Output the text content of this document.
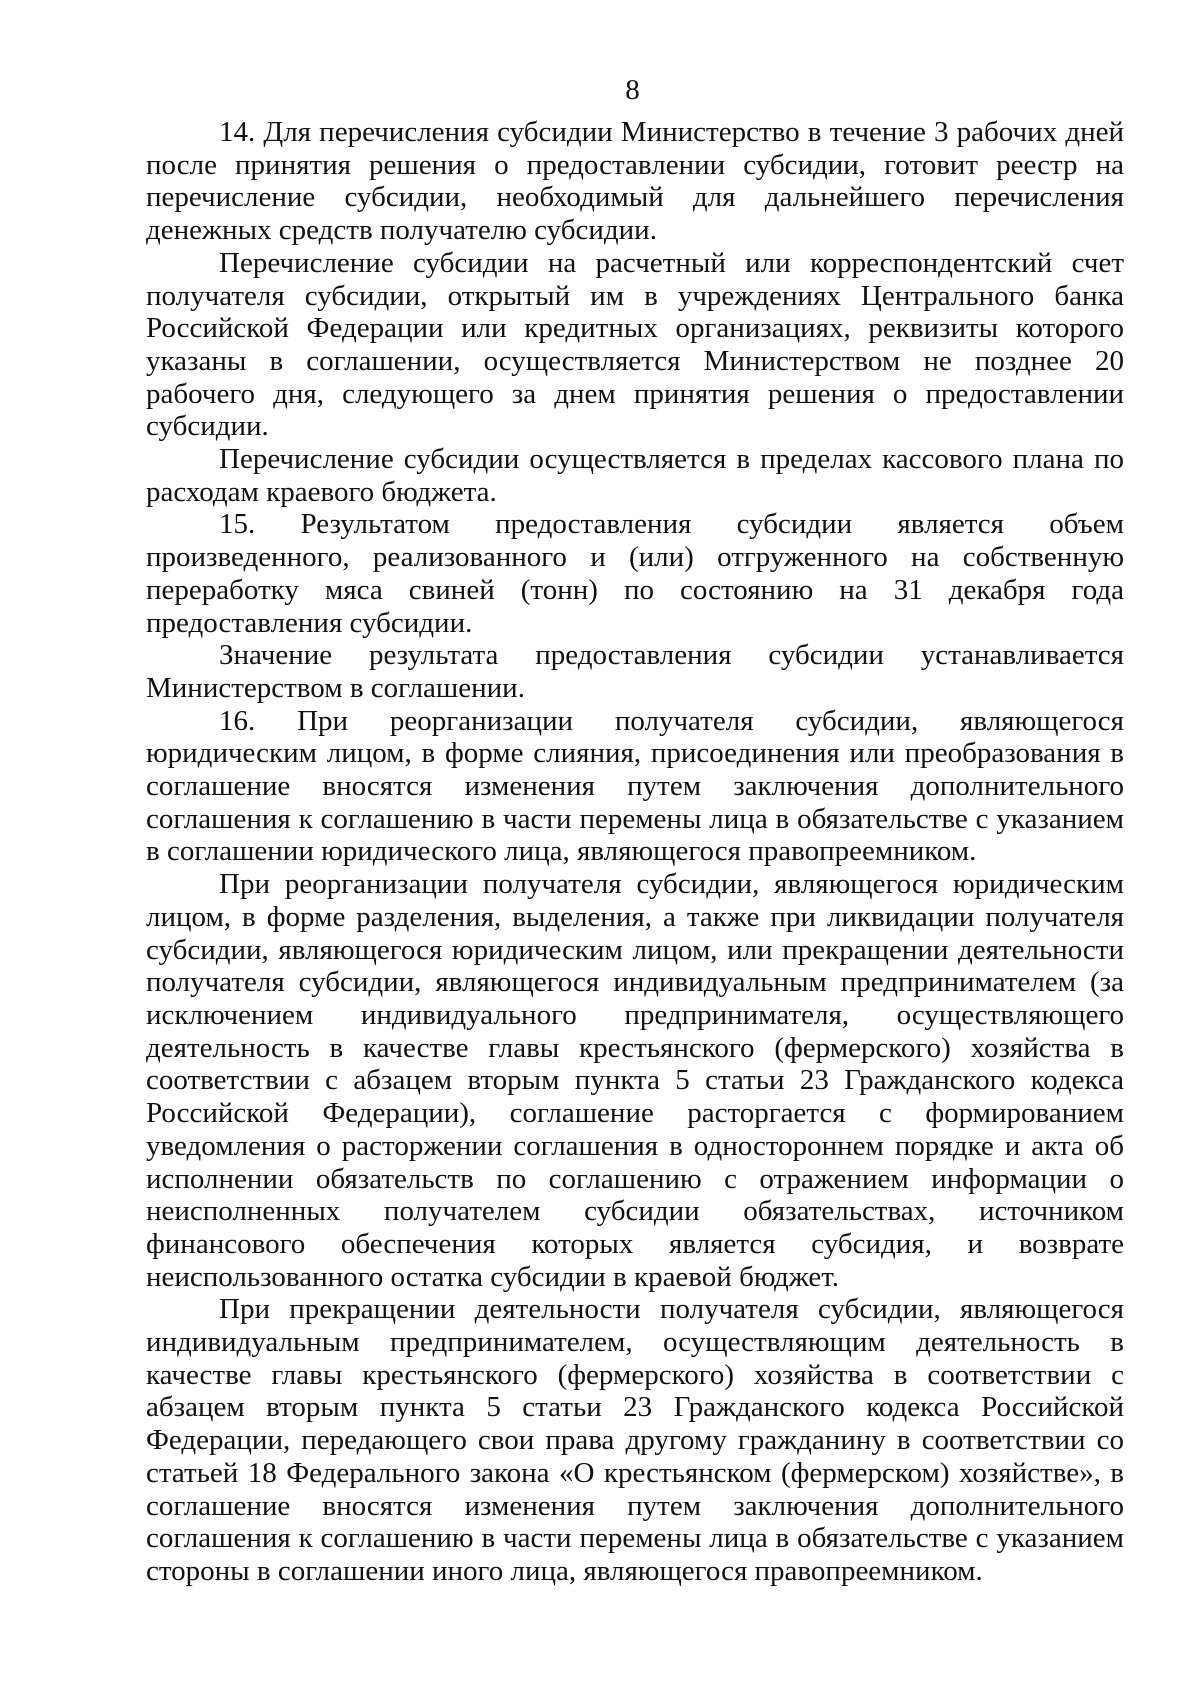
8

14. Для перечисления субсидии Министерство в течение 3 рабочих дней после принятия решения о предоставлении субсидии, готовит реестр на перечисление субсидии, необходимый для дальнейшего перечисления денежных средств получателю субсидии.

Перечисление субсидии на расчетный или корреспондентский счет получателя субсидии, открытый им в учреждениях Центрального банка Российской Федерации или кредитных организациях, реквизиты которого указаны в соглашении, осуществляется Министерством не позднее 20 рабочего дня, следующего за днем принятия решения о предоставлении субсидии.

Перечисление субсидии осуществляется в пределах кассового плана по расходам краевого бюджета.

15. Результатом предоставления субсидии является объем произведенного, реализованного и (или) отгруженного на собственную переработку мяса свиней (тонн) по состоянию на 31 декабря года предоставления субсидии.

Значение результата предоставления субсидии устанавливается Министерством в соглашении.

16. При реорганизации получателя субсидии, являющегося юридическим лицом, в форме слияния, присоединения или преобразования в соглашение вносятся изменения путем заключения дополнительного соглашения к соглашению в части перемены лица в обязательстве с указанием в соглашении юридического лица, являющегося правопреемником.

При реорганизации получателя субсидии, являющегося юридическим лицом, в форме разделения, выделения, а также при ликвидации получателя субсидии, являющегося юридическим лицом, или прекращении деятельности получателя субсидии, являющегося индивидуальным предпринимателем (за исключением индивидуального предпринимателя, осуществляющего деятельность в качестве главы крестьянского (фермерского) хозяйства в соответствии с абзацем вторым пункта 5 статьи 23 Гражданского кодекса Российской Федерации), соглашение расторгается с формированием уведомления о расторжении соглашения в одностороннем порядке и акта об исполнении обязательств по соглашению с отражением информации о неисполненных получателем субсидии обязательствах, источником финансового обеспечения которых является субсидия, и возврате неиспользованного остатка субсидии в краевой бюджет.

При прекращении деятельности получателя субсидии, являющегося индивидуальным предпринимателем, осуществляющим деятельность в качестве главы крестьянского (фермерского) хозяйства в соответствии с абзацем вторым пункта 5 статьи 23 Гражданского кодекса Российской Федерации, передающего свои права другому гражданину в соответствии со статьей 18 Федерального закона «О крестьянском (фермерском) хозяйстве», в соглашение вносятся изменения путем заключения дополнительного соглашения к соглашению в части перемены лица в обязательстве с указанием стороны в соглашении иного лица, являющегося правопреемником.
